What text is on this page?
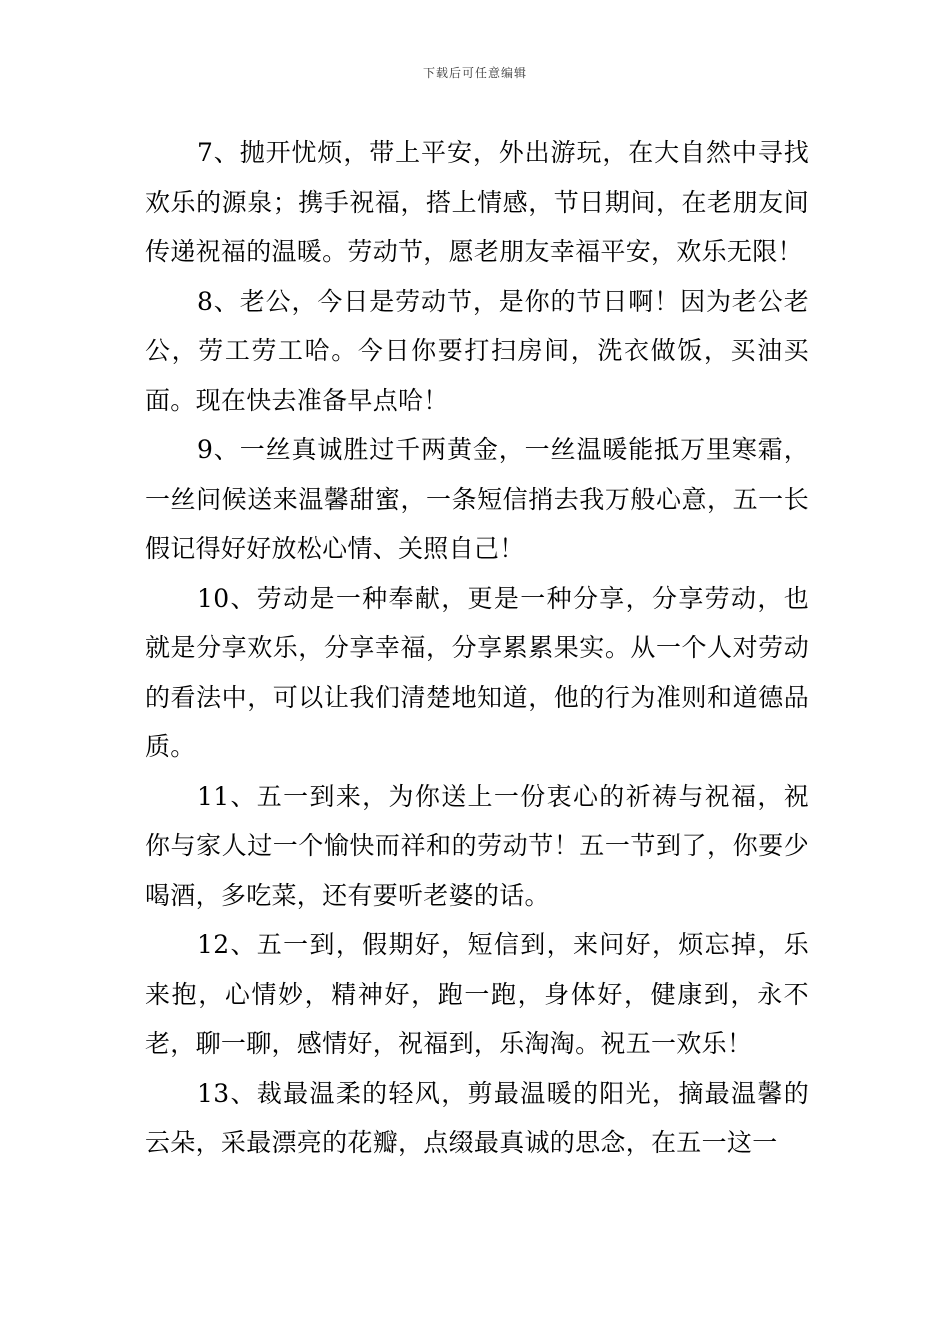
下载后可任意编辑

7、抛开忧烦，带上平安，外出游玩，在大自然中寻找欢乐的源泉；携手祝福，搭上情感，节日期间，在老朋友间传递祝福的温暖。劳动节，愿老朋友幸福平安，欢乐无限！

8、老公，今日是劳动节，是你的节日啊！因为老公老公，劳工劳工哈。今日你要打扫房间，洗衣做饭，买油买面。现在快去准备早点哈！

9、一丝真诚胜过千两黄金，一丝温暖能抵万里寒霜，一丝问候送来温馨甜蜜，一条短信捎去我万般心意，五一长假记得好好放松心情、关照自己！

10、劳动是一种奉献，更是一种分享，分享劳动，也就是分享欢乐，分享幸福，分享累累果实。从一个人对劳动的看法中，可以让我们清楚地知道，他的行为准则和道德品质。

11、五一到来，为你送上一份衷心的祈祷与祝福，祝你与家人过一个愉快而祥和的劳动节！五一节到了，你要少喝酒，多吃菜，还有要听老婆的话。

12、五一到，假期好，短信到，来问好，烦忘掉，乐来抱，心情妙，精神好，跑一跑，身体好，健康到，永不老，聊一聊，感情好，祝福到，乐淘淘。祝五一欢乐！

13、裁最温柔的轻风，剪最温暖的阳光，摘最温馨的云朵，采最漂亮的花瓣，点缀最真诚的思念，在五一这一
